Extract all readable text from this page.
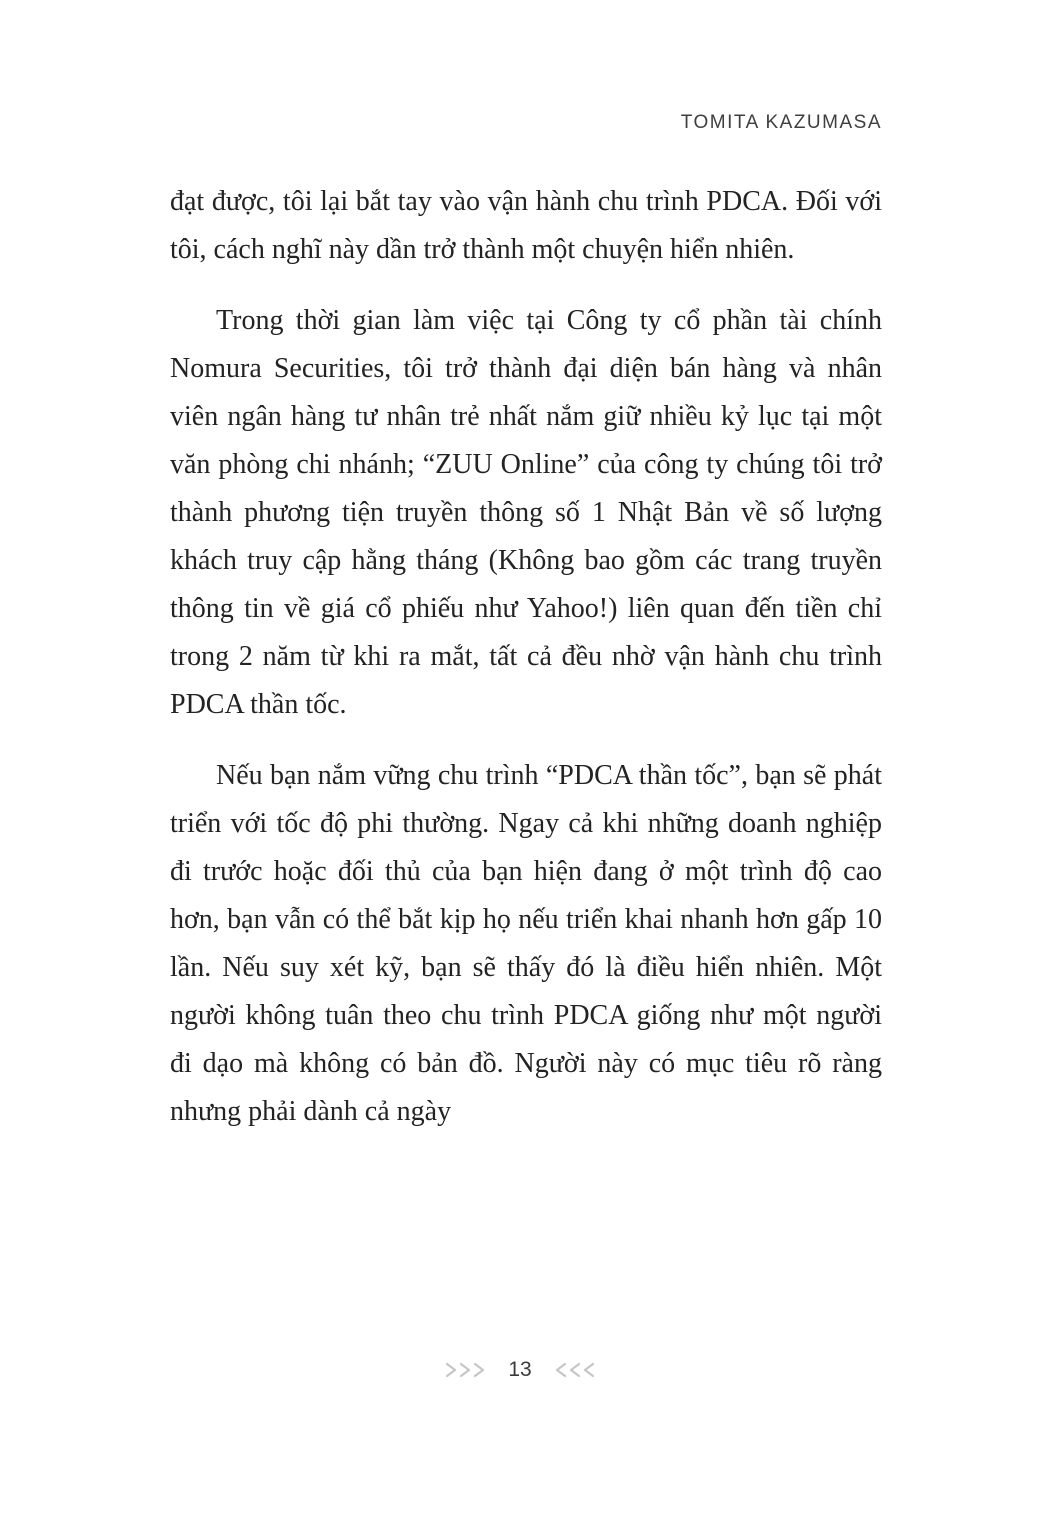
TOMITA KAZUMASA

đạt được, tôi lại bắt tay vào vận hành chu trình PDCA. Đối với tôi, cách nghĩ này dần trở thành một chuyện hiển nhiên.

Trong thời gian làm việc tại Công ty cổ phần tài chính Nomura Securities, tôi trở thành đại diện bán hàng và nhân viên ngân hàng tư nhân trẻ nhất nắm giữ nhiều kỷ lục tại một văn phòng chi nhánh; “ZUU Online” của công ty chúng tôi trở thành phương tiện truyền thông số 1 Nhật Bản về số lượng khách truy cập hằng tháng (Không bao gồm các trang truyền thông tin về giá cổ phiếu như Yahoo!) liên quan đến tiền chỉ trong 2 năm từ khi ra mắt, tất cả đều nhờ vận hành chu trình PDCA thần tốc.

Nếu bạn nắm vững chu trình “PDCA thần tốc”, bạn sẽ phát triển với tốc độ phi thường. Ngay cả khi những doanh nghiệp đi trước hoặc đối thủ của bạn hiện đang ở một trình độ cao hơn, bạn vẫn có thể bắt kịp họ nếu triển khai nhanh hơn gấp 10 lần. Nếu suy xét kỹ, bạn sẽ thấy đó là điều hiển nhiên. Một người không tuân theo chu trình PDCA giống như một người đi dạo mà không có bản đồ. Người này có mục tiêu rõ ràng nhưng phải dành cả ngày

13
